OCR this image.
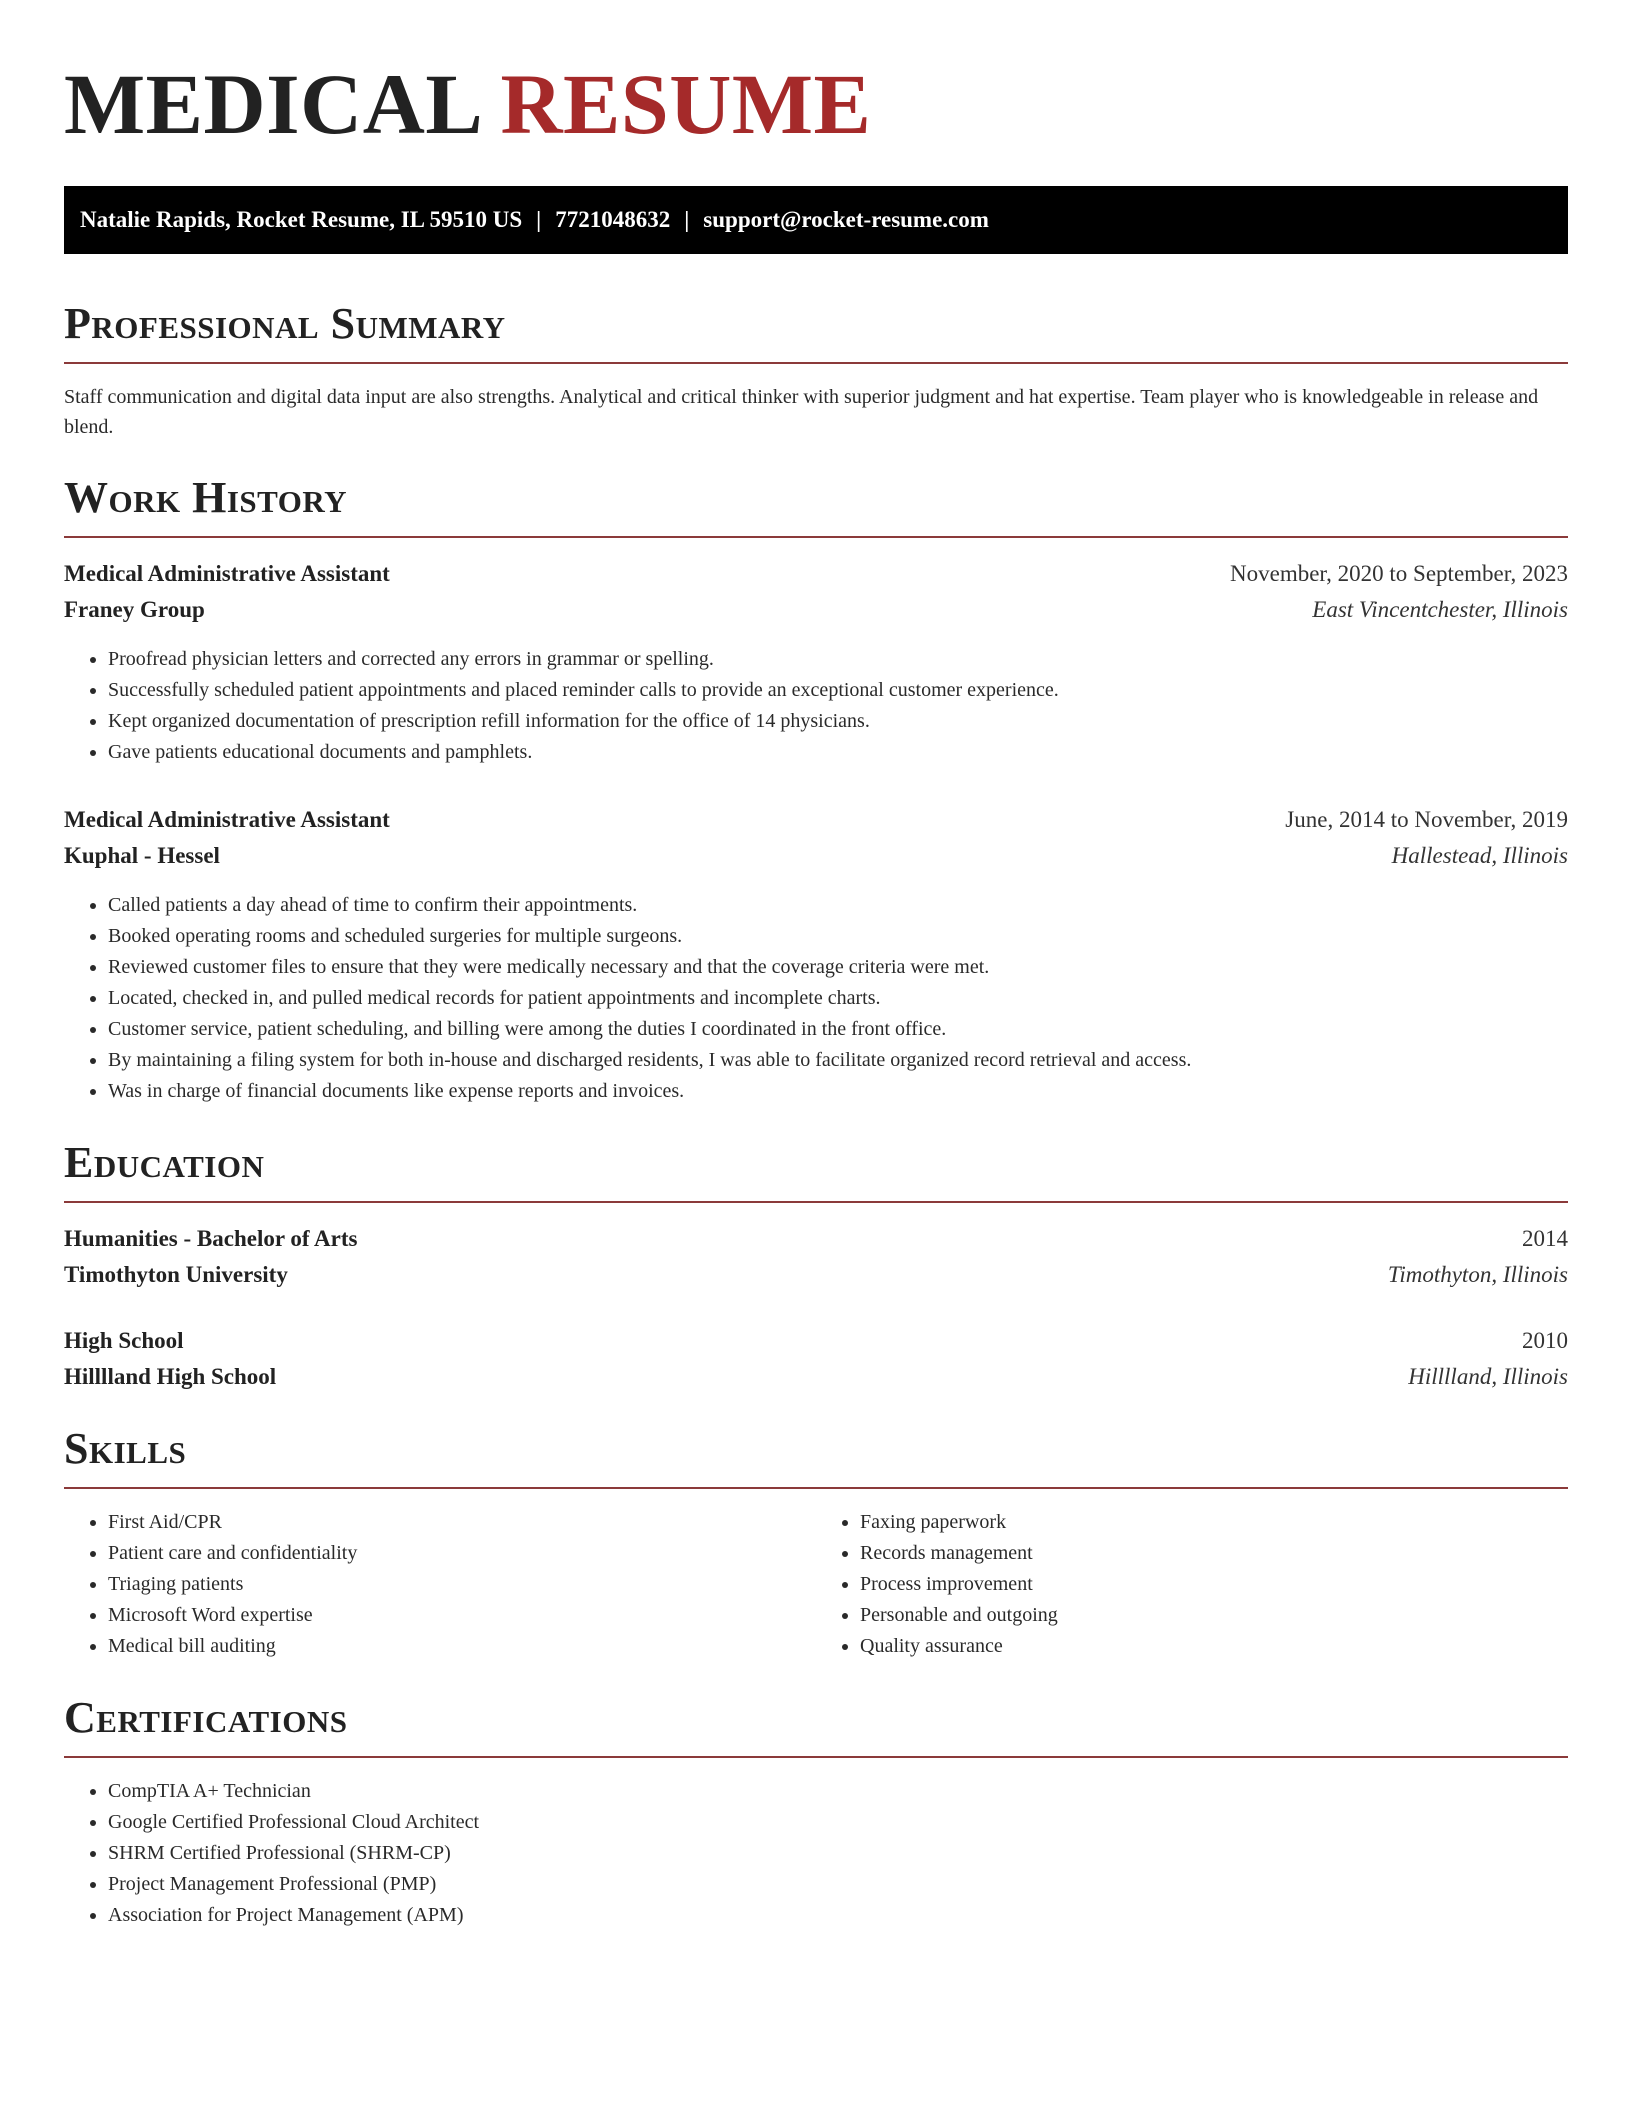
MEDICAL RESUME
Natalie Rapids, Rocket Resume, IL 59510 US | 7721048632 | support@rocket-resume.com
Professional Summary

Staff communication and digital data input are also strengths. Analytical and critical thinker with superior judgment and hat expertise. Team player who is knowledgeable in release and blend.

Work History
Medical Administrative Assistant	November, 2020 to September, 2023
Franey Group	East Vincentchester, Illinois
• Proofread physician letters and corrected any errors in grammar or spelling.
• Successfully scheduled patient appointments and placed reminder calls to provide an exceptional customer experience.
• Kept organized documentation of prescription refill information for the office of 14 physicians.
• Gave patients educational documents and pamphlets.
Medical Administrative Assistant	June, 2014 to November, 2019
Kuphal - Hessel	Hallestead, Illinois
• Called patients a day ahead of time to confirm their appointments.
• Booked operating rooms and scheduled surgeries for multiple surgeons.
• Reviewed customer files to ensure that they were medically necessary and that the coverage criteria were met.
• Located, checked in, and pulled medical records for patient appointments and incomplete charts.
• Customer service, patient scheduling, and billing were among the duties I coordinated in the front office.
• By maintaining a filing system for both in-house and discharged residents, I was able to facilitate organized record retrieval and access.
• Was in charge of financial documents like expense reports and invoices.
Education
Humanities - Bachelor of Arts	2014
Timothyton University	Timothyton, Illinois
High School	2010
Hilllland High School	Hilllland, Illinois
Skills
• First Aid/CPR
• Patient care and confidentiality
• Triaging patients
• Microsoft Word expertise
• Medical bill auditing
• Faxing paperwork
• Records management
• Process improvement
• Personable and outgoing
• Quality assurance
Certifications
• CompTIA A+ Technician
• Google Certified Professional Cloud Architect
• SHRM Certified Professional (SHRM-CP)
• Project Management Professional (PMP)
• Association for Project Management (APM)
